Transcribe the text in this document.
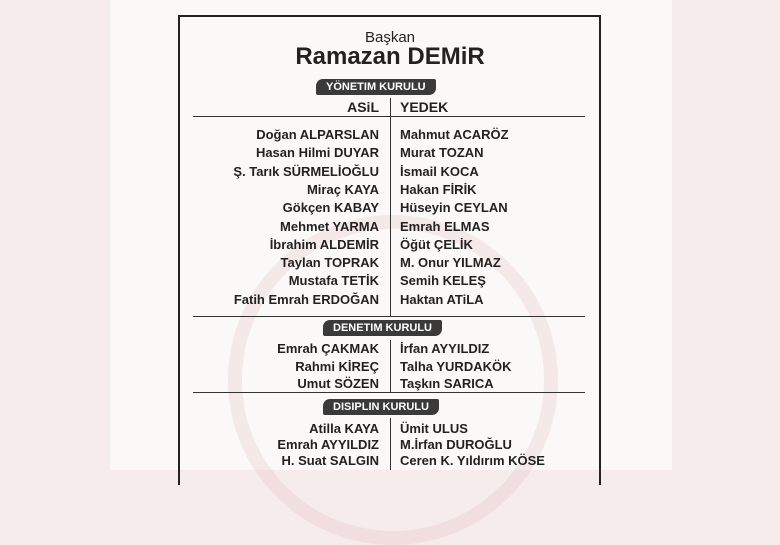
Başkan
Ramazan DEMiR
YÖNETIM KURULU
ASiL YEDEK
Doğan ALPARSLAN Mahmut ACARÖZ
Hasan Hilmi DUYAR Murat TOZAN
Ş. Tarık SÜRMELİOĞLU İsmail KOCA
Miraç KAYA Hakan FİRİK
Gökçen KABAY Hüseyin CEYLAN
Mehmet YARMA Emrah ELMAS
İbrahim ALDEMİR Öğüt ÇELİK
Taylan TOPRAK M. Onur YILMAZ
Mustafa TETİK Semih KELEŞ
Fatih Emrah ERDOĞAN Haktan ATiLA
DENETIM KURULU
Emrah ÇAKMAK İrfan AYYILDIZ
Rahmi KİREÇ Talha YURDAKÖK
Umut SÖZEN Taşkın SARICA
DISIPLIN KURULU
Atilla KAYA Ümit ULUS
Emrah AYYILDIZ M.İrfan DUROĞLU
H. Suat SALGIN Ceren K. Yıldırım KÖSE
